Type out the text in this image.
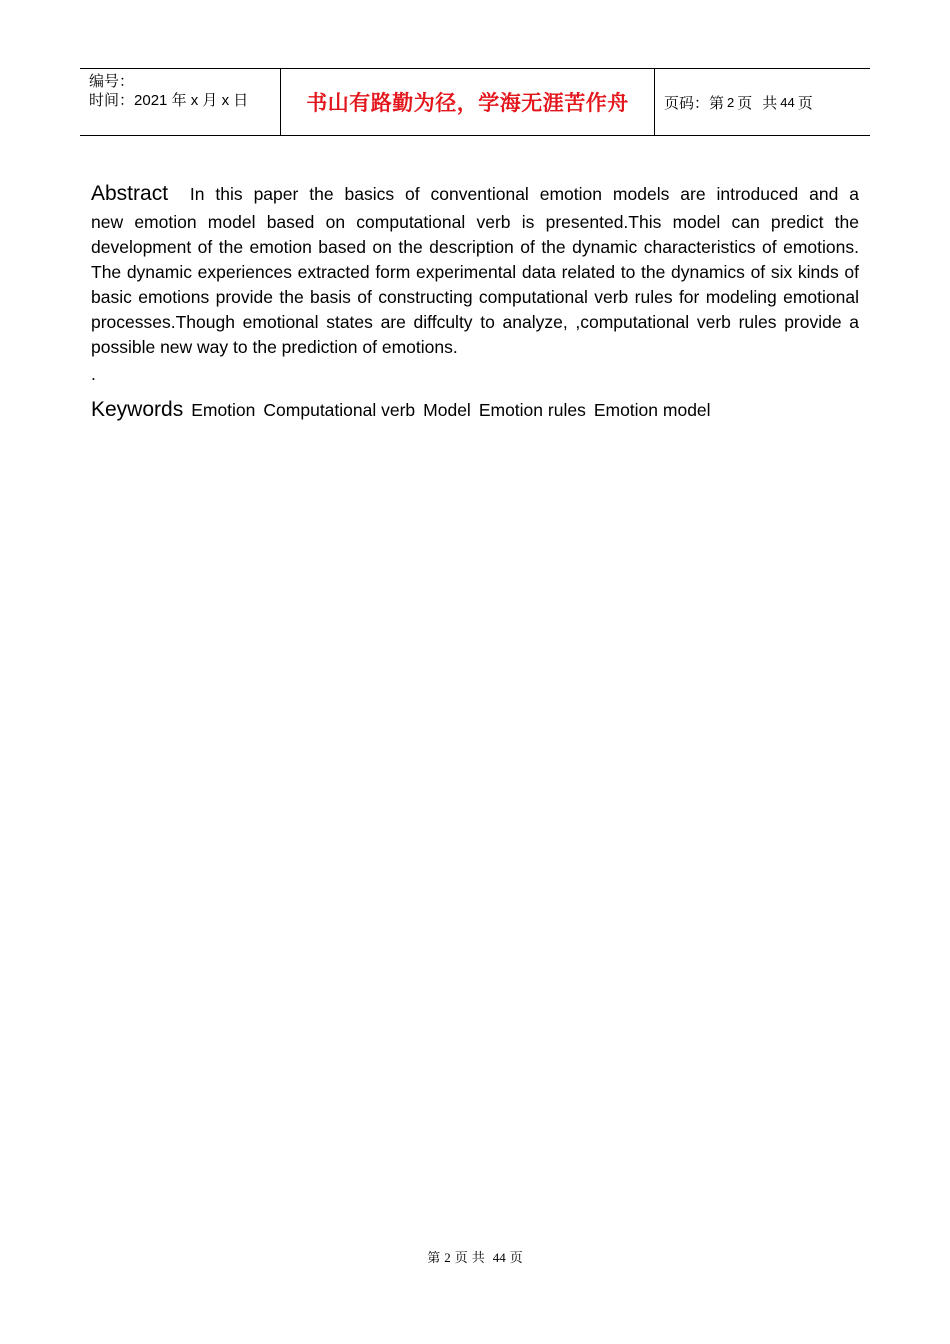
编号：
时间：2021 年 x 月 x 日	书山有路勤为径，学海无涯苦作舟 页码：第 2 页 共 44 页

Abstract In this paper the basics of conventional emotion models are introduced and a
new emotion model based on computational verb is presented.This model can predict the development of the emotion based on the description of the dynamic characteristics of emotions. The dynamic experiences extracted form experimental data related to the dynamics of six kinds of basic emotions provide the basis of constructing computational verb rules for modeling emotional processes.Though emotional states are diffculty to analyze, ,computational verb rules provide a possible new way to the prediction of emotions.

.

Keywords Emotion Computational verb Model Emotion rules Emotion model

第 2 页 共 44 页
